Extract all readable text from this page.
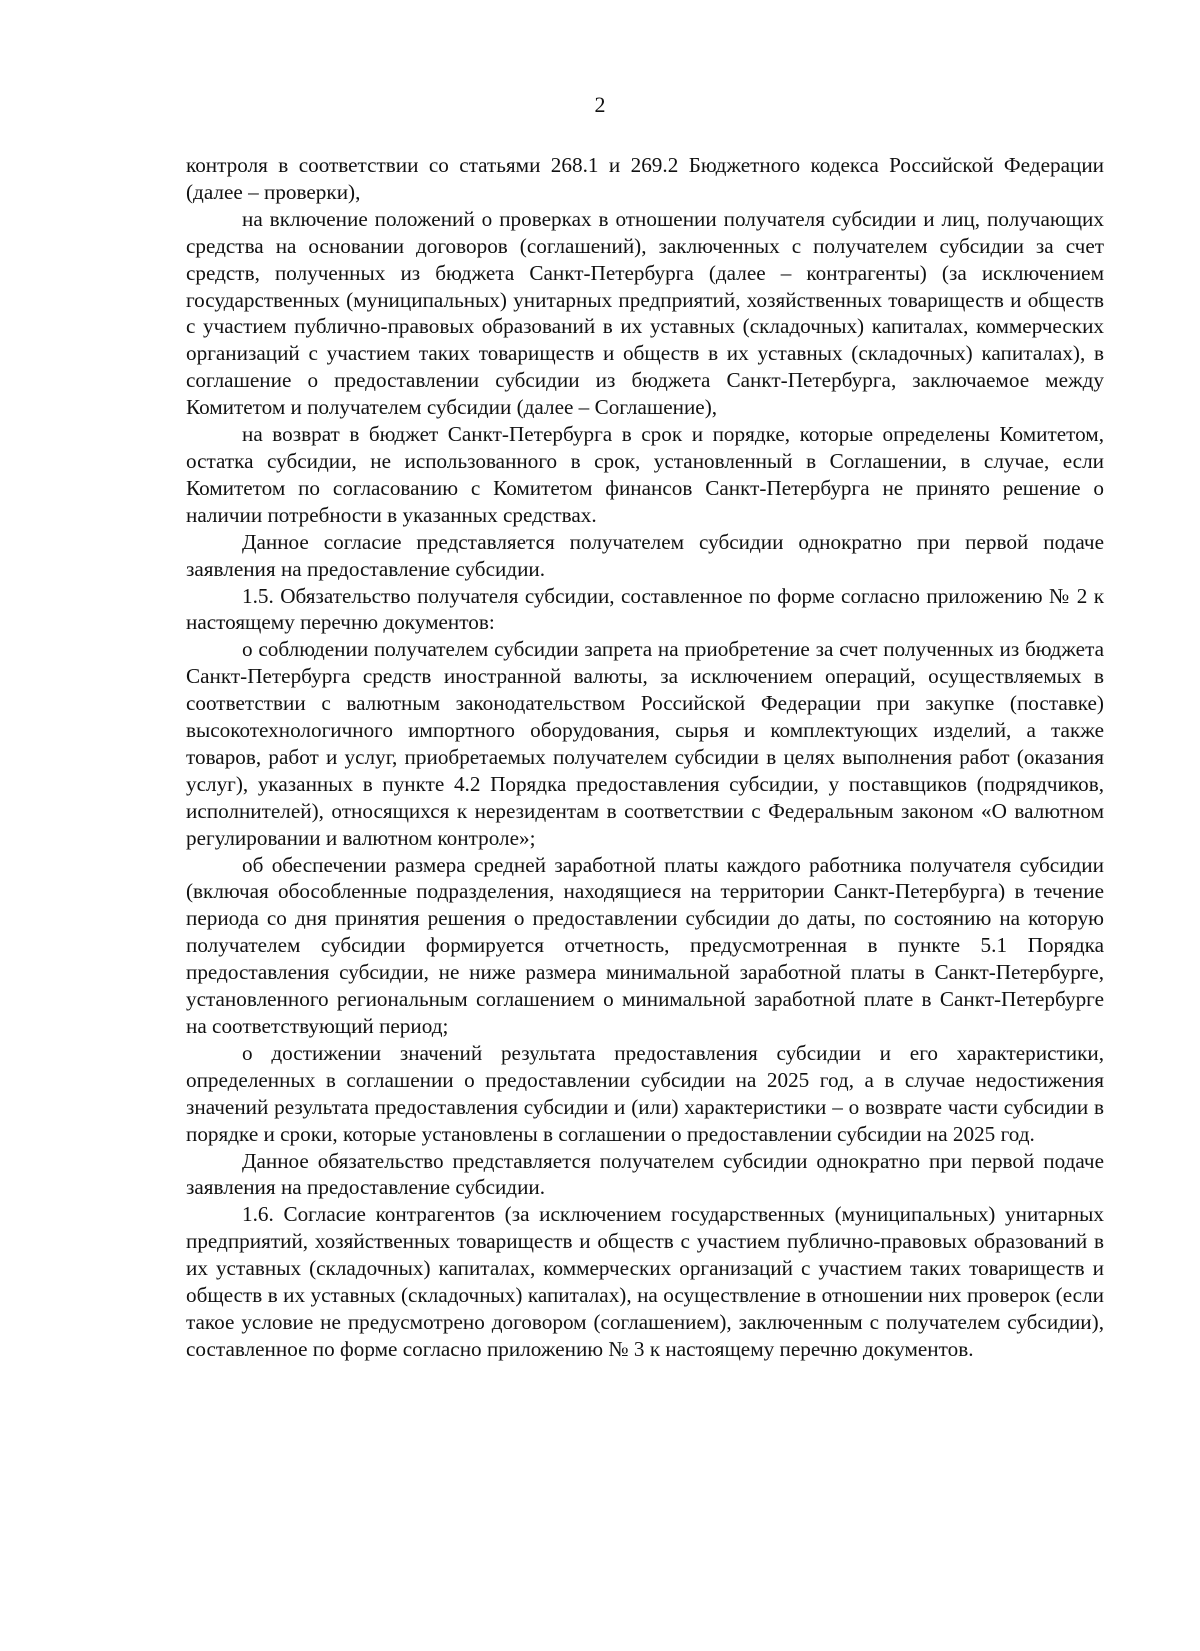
2

контроля в соответствии со статьями 268.1 и 269.2 Бюджетного кодекса Российской Федерации (далее – проверки),

на включение положений о проверках в отношении получателя субсидии и лиц, получающих средства на основании договоров (соглашений), заключенных с получателем субсидии за счет средств, полученных из бюджета Санкт-Петербурга (далее – контрагенты) (за исключением государственных (муниципальных) унитарных предприятий, хозяйственных товариществ и обществ с участием публично-правовых образований в их уставных (складочных) капиталах, коммерческих организаций с участием таких товариществ и обществ в их уставных (складочных) капиталах), в соглашение о предоставлении субсидии из бюджета Санкт-Петербурга, заключаемое между Комитетом и получателем субсидии (далее – Соглашение),

на возврат в бюджет Санкт-Петербурга в срок и порядке, которые определены Комитетом, остатка субсидии, не использованного в срок, установленный в Соглашении, в случае, если Комитетом по согласованию с Комитетом финансов Санкт-Петербурга не принято решение о наличии потребности в указанных средствах.

Данное согласие представляется получателем субсидии однократно при первой подаче заявления на предоставление субсидии.

1.5. Обязательство получателя субсидии, составленное по форме согласно приложению № 2 к настоящему перечню документов:

о соблюдении получателем субсидии запрета на приобретение за счет полученных из бюджета Санкт-Петербурга средств иностранной валюты, за исключением операций, осуществляемых в соответствии с валютным законодательством Российской Федерации при закупке (поставке) высокотехнологичного импортного оборудования, сырья и комплектующих изделий, а также товаров, работ и услуг, приобретаемых получателем субсидии в целях выполнения работ (оказания услуг), указанных в пункте 4.2 Порядка предоставления субсидии, у поставщиков (подрядчиков, исполнителей), относящихся к нерезидентам в соответствии с Федеральным законом «О валютном регулировании и валютном контроле»;

об обеспечении размера средней заработной платы каждого работника получателя субсидии (включая обособленные подразделения, находящиеся на территории Санкт-Петербурга) в течение периода со дня принятия решения о предоставлении субсидии до даты, по состоянию на которую получателем субсидии формируется отчетность, предусмотренная в пункте 5.1 Порядка предоставления субсидии, не ниже размера минимальной заработной платы в Санкт-Петербурге, установленного региональным соглашением о минимальной заработной плате в Санкт-Петербурге на соответствующий период;

о достижении значений результата предоставления субсидии и его характеристики, определенных в соглашении о предоставлении субсидии на 2025 год, а в случае недостижения значений результата предоставления субсидии и (или) характеристики – о возврате части субсидии в порядке и сроки, которые установлены в соглашении о предоставлении субсидии на 2025 год.

Данное обязательство представляется получателем субсидии однократно при первой подаче заявления на предоставление субсидии.

1.6. Согласие контрагентов (за исключением государственных (муниципальных) унитарных предприятий, хозяйственных товариществ и обществ с участием публично-правовых образований в их уставных (складочных) капиталах, коммерческих организаций с участием таких товариществ и обществ в их уставных (складочных) капиталах), на осуществление в отношении них проверок (если такое условие не предусмотрено договором (соглашением), заключенным с получателем субсидии), составленное по форме согласно приложению № 3 к настоящему перечню документов.
